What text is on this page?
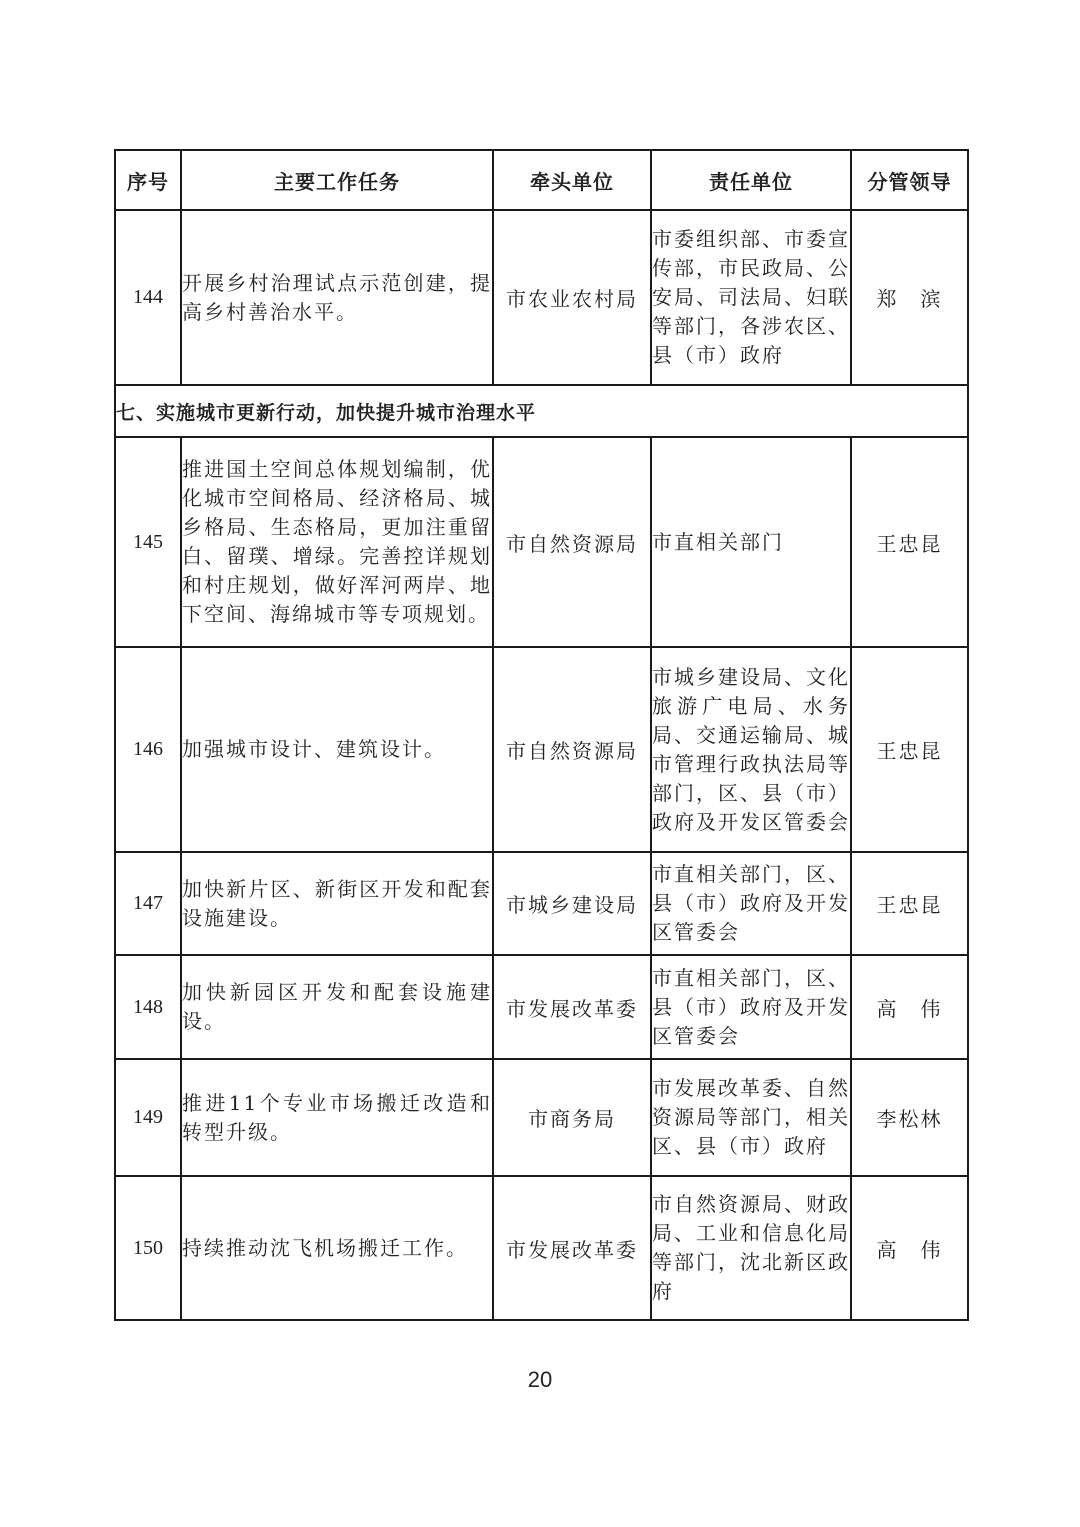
序号	主要工作任务	牵头单位	责任单位	分管领导
144	开展乡村治理试点示范创建，提高乡村善治水平。	市农业农村局	市委组织部、市委宣传部，市民政局、公安局、司法局、妇联等部门，各涉农区、县（市）政府	郑　滨
七、实施城市更新行动，加快提升城市治理水平				
145	推进国土空间总体规划编制，优化城市空间格局、经济格局、城乡格局、生态格局，更加注重留白、留璞、增绿。完善控详规划和村庄规划，做好浑河两岸、地下空间、海绵城市等专项规划。	市自然资源局	市直相关部门	王忠昆
146	加强城市设计、建筑设计。	市自然资源局	市城乡建设局、文化旅游广电局、水务局、交通运输局、城市管理行政执法局等部门，区、县（市）政府及开发区管委会	王忠昆
147	加快新片区、新街区开发和配套设施建设。	市城乡建设局	市直相关部门，区、县（市）政府及开发区管委会	王忠昆
148	加快新园区开发和配套设施建设。	市发展改革委	市直相关部门，区、县（市）政府及开发区管委会	高　伟
149	推进11个专业市场搬迁改造和转型升级。	市商务局	市发展改革委、自然资源局等部门，相关区、县（市）政府	李松林
150	持续推动沈飞机场搬迁工作。	市发展改革委	市自然资源局、财政局、工业和信息化局等部门，沈北新区政府	高　伟
20
